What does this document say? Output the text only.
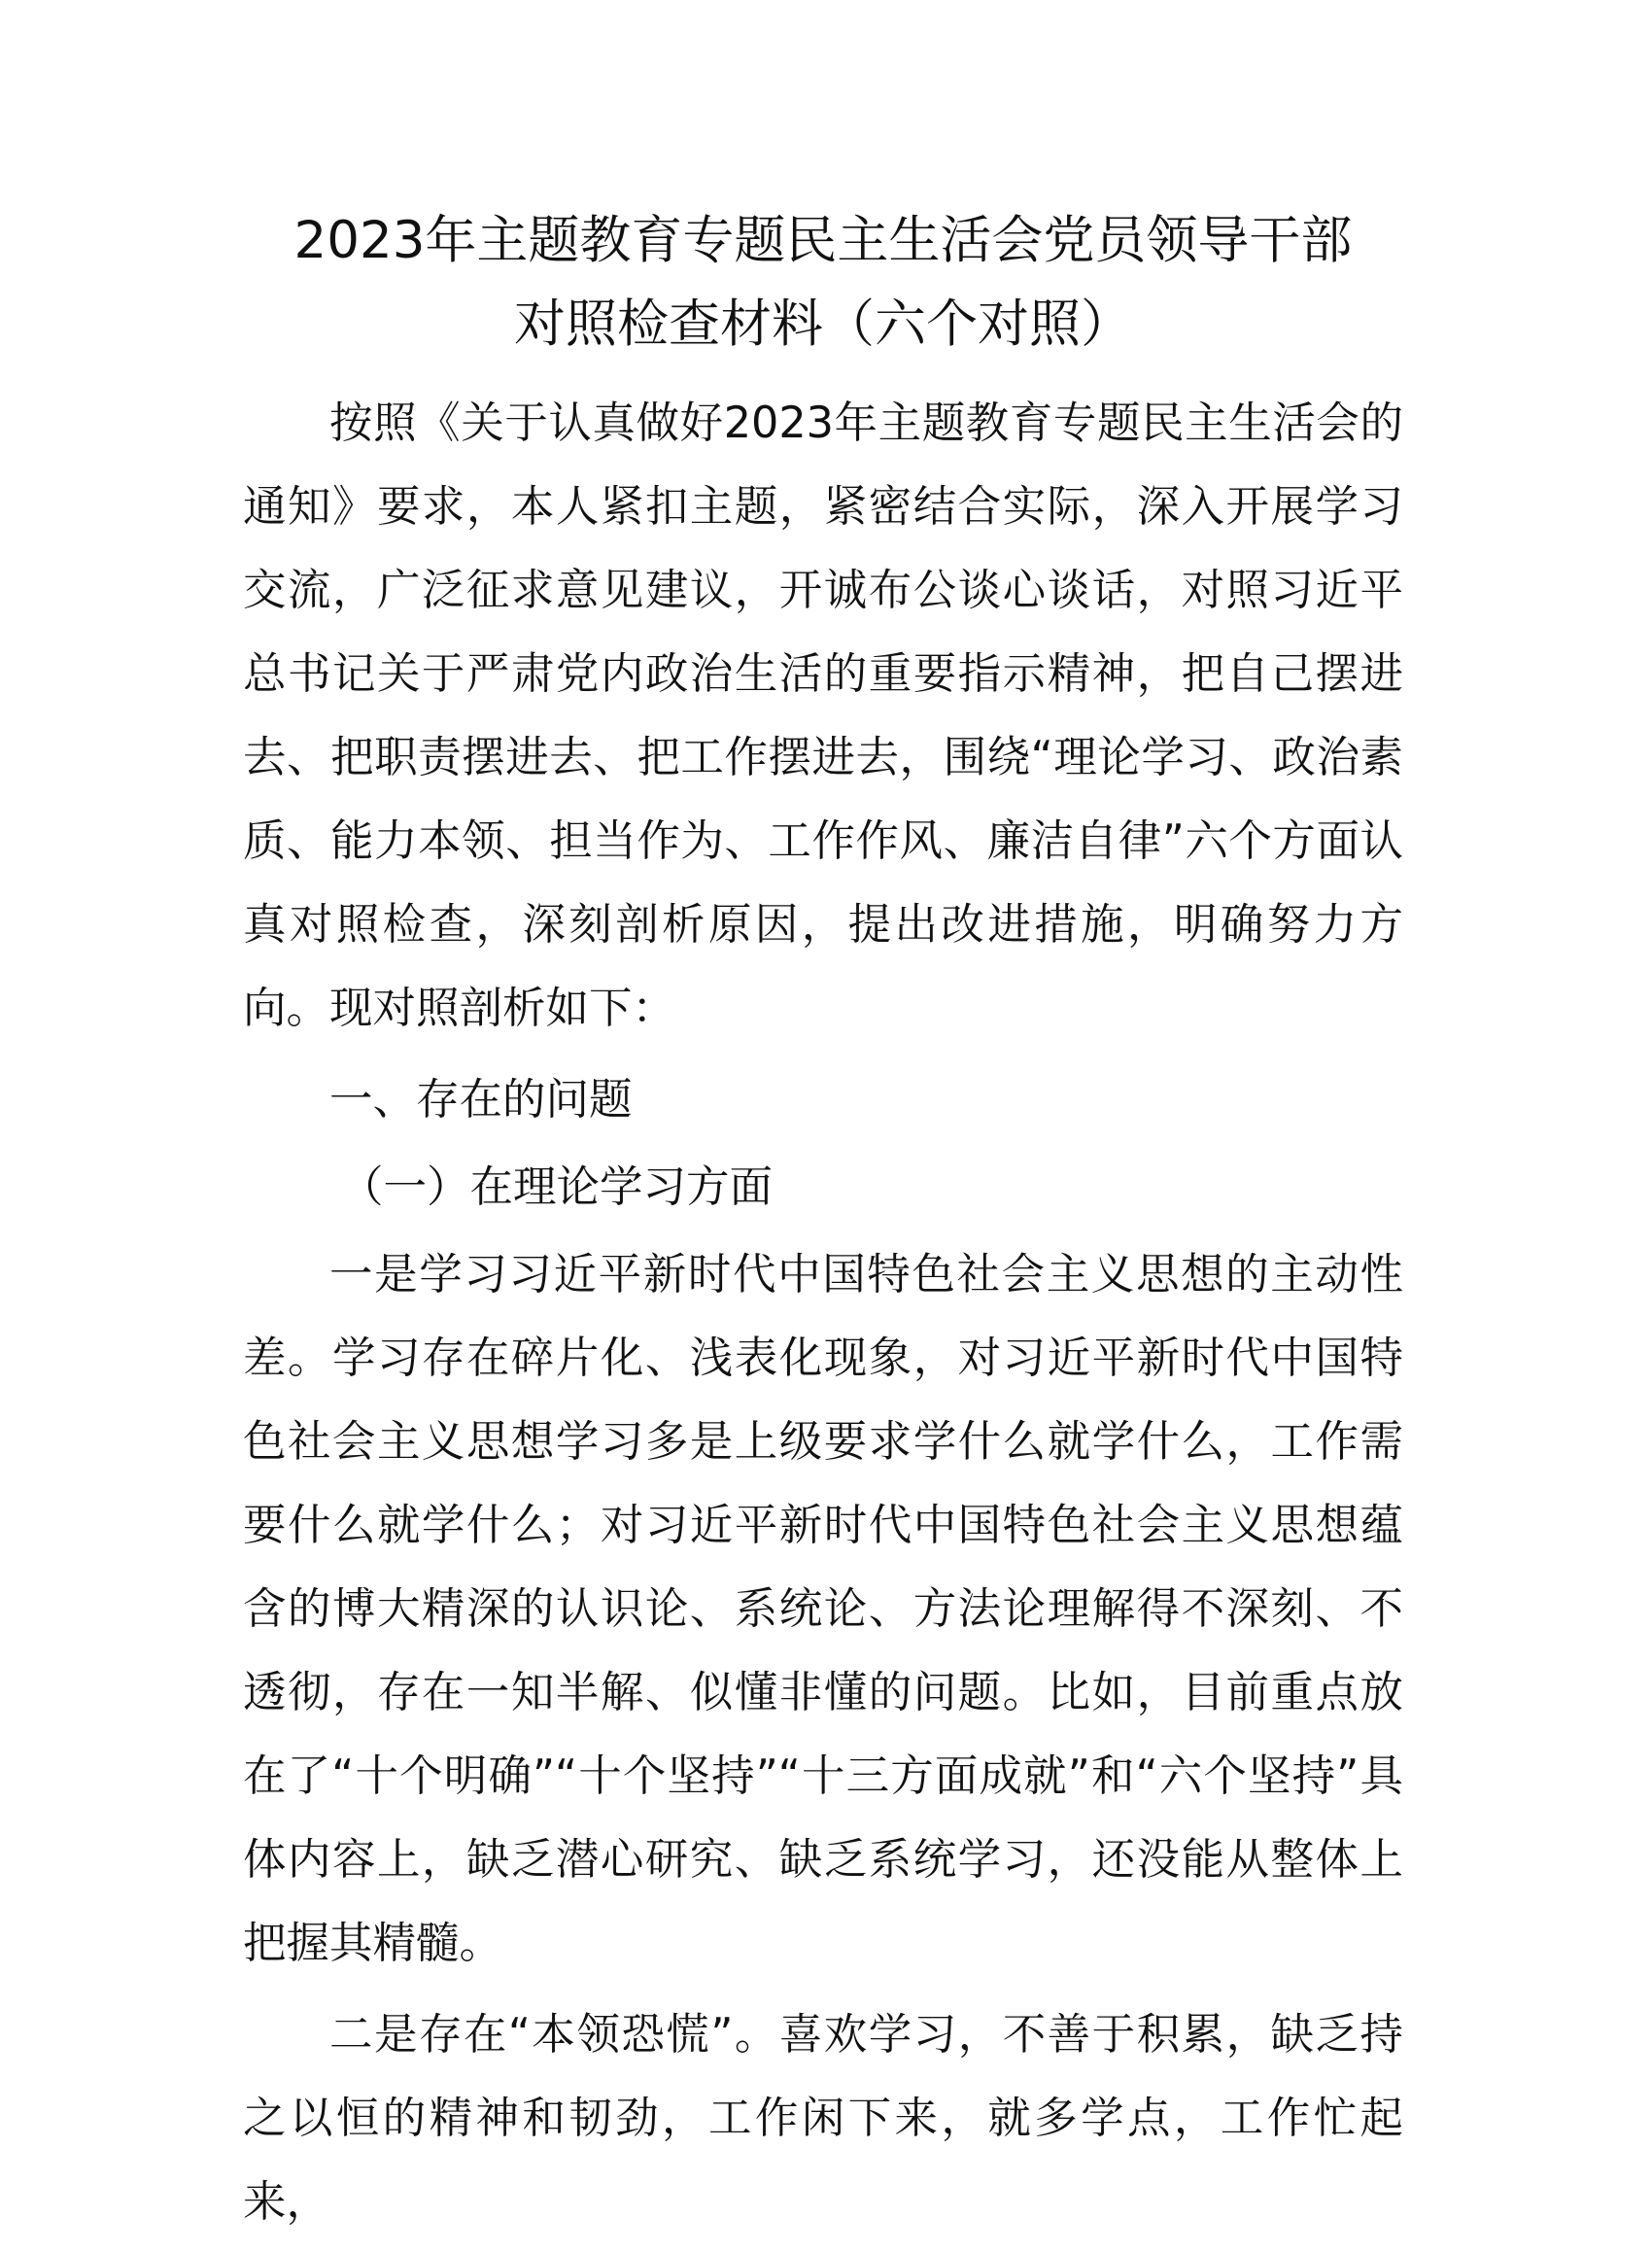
2023年主题教育专题民主生活会党员领导干部
对照检查材料（六个对照）

按照《关于认真做好2023年主题教育专题民主生活会的通知》要求，本人紧扣主题，紧密结合实际，深入开展学习交流，广泛征求意见建议，开诚布公谈心谈话，对照习近平总书记关于严肃党内政治生活的重要指示精神，把自己摆进去、把职责摆进去、把工作摆进去，围绕“理论学习、政治素质、能力本领、担当作为、工作作风、廉洁自律”六个方面认真对照检查，深刻剖析原因，提出改进措施，明确努力方向。现对照剖析如下：

一、存在的问题

（一）在理论学习方面

一是学习习近平新时代中国特色社会主义思想的主动性差。学习存在碎片化、浅表化现象，对习近平新时代中国特色社会主义思想学习多是上级要求学什么就学什么，工作需要什么就学什么；对习近平新时代中国特色社会主义思想蕴含的博大精深的认识论、系统论、方法论理解得不深刻、不透彻，存在一知半解、似懂非懂的问题。比如，目前重点放在了“十个明确”“十个坚持”“十三方面成就”和“六个坚持”具体内容上，缺乏潜心研究、缺乏系统学习，还没能从整体上把握其精髓。

二是存在“本领恐慌”。喜欢学习，不善于积累，缺乏持之以恒的精神和韧劲，工作闲下来，就多学点，工作忙起来，
